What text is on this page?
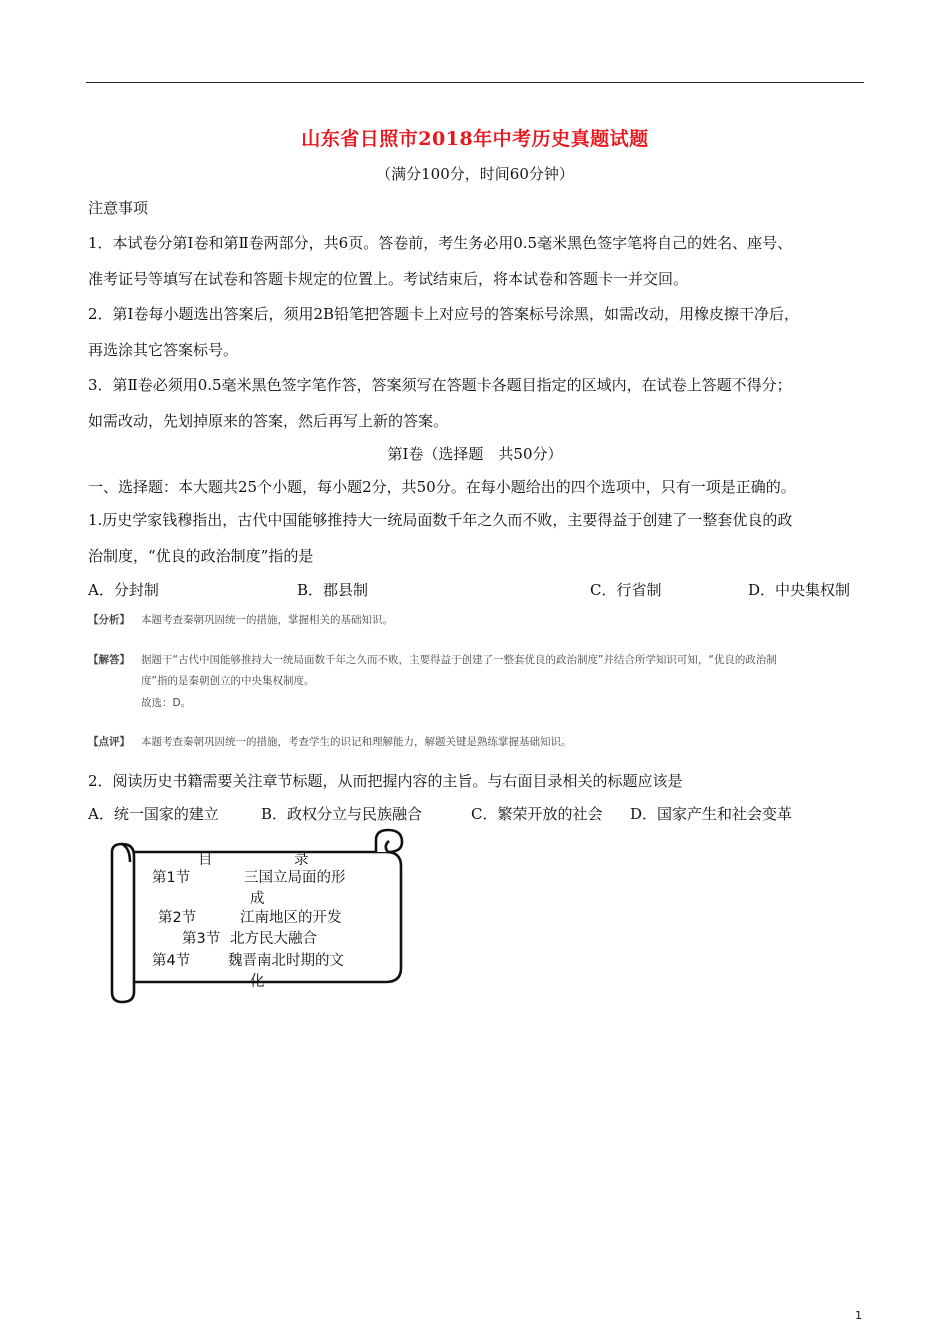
山东省日照市2018年中考历史真题试题
（满分100分，时间60分钟）
注意事项
1．本试卷分第Ⅰ卷和第Ⅱ卷两部分，共6页。答卷前，考生务必用0.5毫米黑色签字笔将自己的姓名、座号、
准考证号等填写在试卷和答题卡规定的位置上。考试结束后，将本试卷和答题卡一并交回。
2．第Ⅰ卷每小题选出答案后，须用2B铅笔把答题卡上对应号的答案标号涂黑，如需改动，用橡皮擦干净后，
再选涂其它答案标号。
3．第Ⅱ卷必须用0.5毫米黑色签字笔作答，答案须写在答题卡各题目指定的区域内，在试卷上答题不得分；
如需改动，先划掉原来的答案，然后再写上新的答案。
第Ⅰ卷（选择题　共50分）
一、选择题：本大题共25个小题，每小题2分，共50分。在每小题给出的四个选项中，只有一项是正确的。
1.历史学家钱穆指出，古代中国能够推持大一统局面数千年之久而不败，主要得益于创建了一整套优良的政
治制度，“优良的政治制度”指的是
A．分封制	B．郡县制	C．行省制	D．中央集权制
【分析】 本题考查秦朝巩固统一的措施，掌握相关的基础知识。
【解答】 据题干“古代中国能够推持大一统局面数千年之久而不败，主要得益于创建了一整套优良的政治制度”并结合所学知识可知，“优良的政治制
度”指的是秦朝创立的中央集权制度。
故选：D。
【点评】 本题考查秦朝巩固统一的措施，考查学生的识记和理解能力，解题关键是熟练掌握基础知识。
2．阅读历史书籍需要关注章节标题，从而把握内容的主旨。与右面目录相关的标题应该是
A．统一国家的建立	B．政权分立与民族融合	C．繁荣开放的社会 D．国家产生和社会变革
目	录
第1节	三国立局面的形
成
第2节	江南地区的开发
第3节 北方民大融合
第4节	魏晋南北时期的文
化
1
